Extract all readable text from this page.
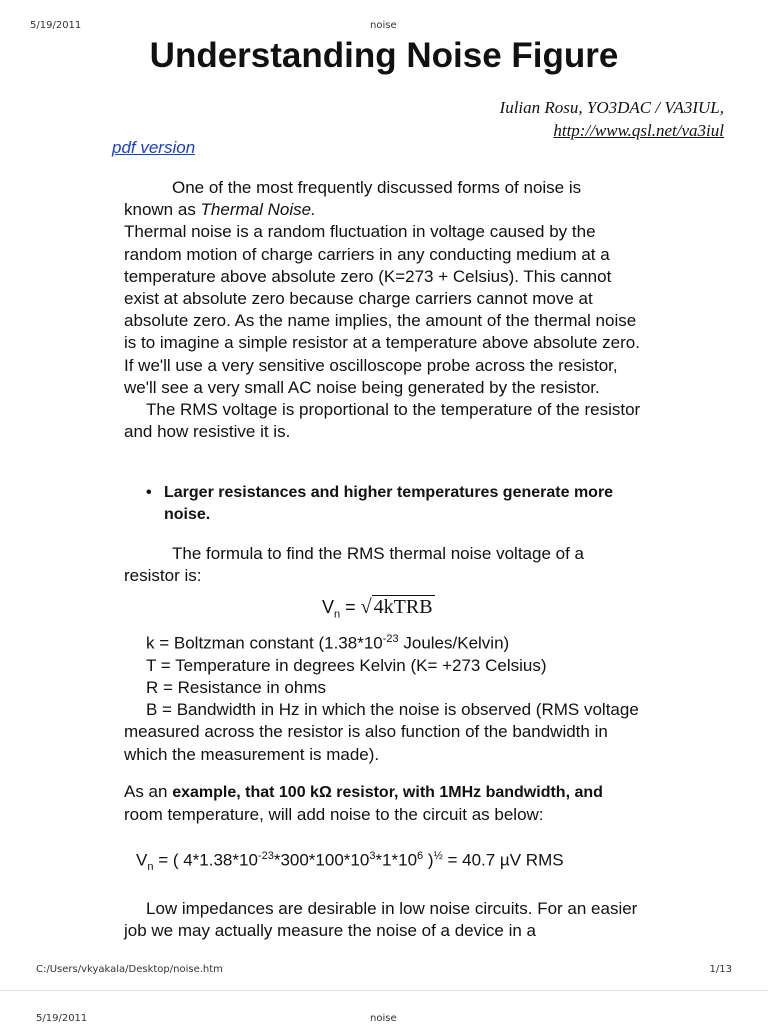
5/19/2011	noise
Understanding Noise Figure
Iulian Rosu, YO3DAC / VA3IUL,
http://www.qsl.net/va3iul
pdf version

One of the most frequently discussed forms of noise is

known as Thermal Noise.

Thermal noise is a random fluctuation in voltage caused by the random motion of charge carriers in any conducting medium at a temperature above absolute zero (K=273 + Celsius). This cannot exist at absolute zero because charge carriers cannot move at absolute zero. As the name implies, the amount of the thermal noise is to imagine a simple resistor at a temperature above absolute zero. If we'll use a very sensitive oscilloscope probe across the resistor, we'll see a very small AC noise being generated by the resistor.

The RMS voltage is proportional to the temperature of the resistor and how resistive it is.

• Larger resistances and higher temperatures generate more noise.

The formula to find the RMS thermal noise voltage of a resistor is:

$V_n$ = √ 4kTRB

k = Boltzman constant ($1.38*10^{-23}$ Joules/Kelvin)

T = Temperature in degrees Kelvin (K= +273 Celsius)

R = Resistance in ohms

B = Bandwidth in Hz in which the noise is observed (RMS voltage measured across the resistor is also function of the bandwidth in which the measurement is made).

As an example, that 100 kΩ resistor, with 1MHz bandwidth, and

room temperature, will add noise to the circuit as below:

$V_n$ = ( $4*1.38*10^{-23}*300*100*10^3*1*10^6$ )$^{\frac{1}{2}}$ = 40.7 µV RMS

Low impedances are desirable in low noise circuits. For an easier job we may actually measure the noise of a device in a

C:/Users/vkyakala/Desktop/noise.htm	1/13
5/19/2011	noise
